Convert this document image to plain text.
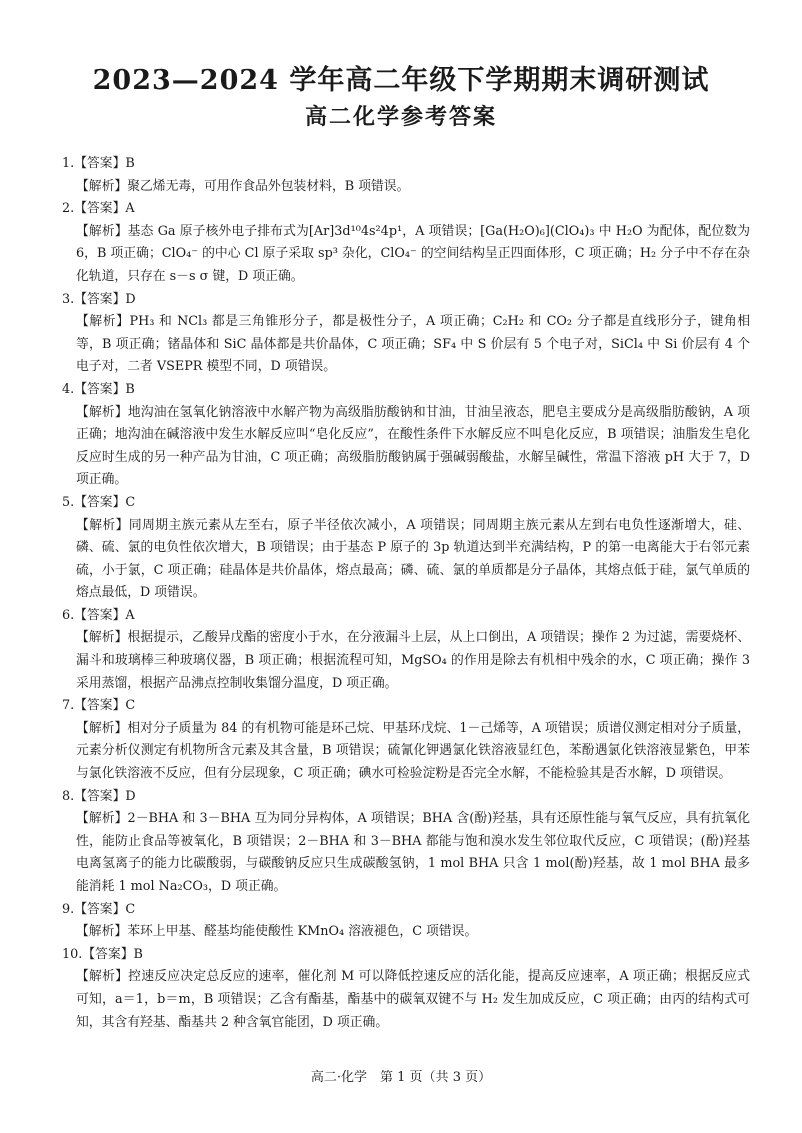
2023—2024 学年高二年级下学期期末调研测试
高二化学参考答案
1.【答案】B
【解析】聚乙烯无毒，可用作食品外包装材料，B 项错误。
2.【答案】A
【解析】基态 Ga 原子核外电子排布式为[Ar]3d¹⁰4s²4p¹，A 项错误；[Ga(H₂O)₆](ClO₄)₃ 中 H₂O 为配体，配位数为 6，B 项正确；ClO₄⁻ 的中心 Cl 原子采取 sp³ 杂化，ClO₄⁻ 的空间结构呈正四面体形，C 项正确；H₂ 分子中不存在杂化轨道，只存在 s－s σ 键，D 项正确。
3.【答案】D
【解析】PH₃ 和 NCl₃ 都是三角锥形分子，都是极性分子，A 项正确；C₂H₂ 和 CO₂ 分子都是直线形分子，键角相等，B 项正确；锗晶体和 SiC 晶体都是共价晶体，C 项正确；SF₄ 中 S 价层有 5 个电子对，SiCl₄ 中 Si 价层有 4 个电子对，二者 VSEPR 模型不同，D 项错误。
4.【答案】B
【解析】地沟油在氢氧化钠溶液中水解产物为高级脂肪酸钠和甘油，甘油呈液态，肥皂主要成分是高级脂肪酸钠，A 项正确；地沟油在碱溶液中发生水解反应叫“皂化反应”，在酸性条件下水解反应不叫皂化反应，B 项错误；油脂发生皂化反应时生成的另一种产品为甘油，C 项正确；高级脂肪酸钠属于强碱弱酸盐，水解呈碱性，常温下溶液 pH 大于 7，D 项正确。
5.【答案】C
【解析】同周期主族元素从左至右，原子半径依次减小，A 项错误；同周期主族元素从左到右电负性逐渐增大，硅、磷、硫、氯的电负性依次增大，B 项错误；由于基态 P 原子的 3p 轨道达到半充满结构，P 的第一电离能大于右邻元素硫，小于氯，C 项正确；硅晶体是共价晶体，熔点最高；磷、硫、氯的单质都是分子晶体，其熔点低于硅，氯气单质的熔点最低，D 项错误。
6.【答案】A
【解析】根据提示，乙酸异戊酯的密度小于水，在分液漏斗上层，从上口倒出，A 项错误；操作 2 为过滤，需要烧杯、漏斗和玻璃棒三种玻璃仪器，B 项正确；根据流程可知，MgSO₄ 的作用是除去有机相中残余的水，C 项正确；操作 3 采用蒸馏，根据产品沸点控制收集馏分温度，D 项正确。
7.【答案】C
【解析】相对分子质量为 84 的有机物可能是环己烷、甲基环戊烷、1－己烯等，A 项错误；质谱仪测定相对分子质量，元素分析仪测定有机物所含元素及其含量，B 项错误；硫氰化钾遇氯化铁溶液显红色，苯酚遇氯化铁溶液显紫色，甲苯与氯化铁溶液不反应，但有分层现象，C 项正确；碘水可检验淀粉是否完全水解，不能检验其是否水解，D 项错误。
8.【答案】D
【解析】2－BHA 和 3－BHA 互为同分异构体，A 项错误；BHA 含(酚)羟基，具有还原性能与氧气反应，具有抗氧化性，能防止食品等被氧化，B 项错误；2－BHA 和 3－BHA 都能与饱和溴水发生邻位取代反应，C 项错误；(酚)羟基电离氢离子的能力比碳酸弱，与碳酸钠反应只生成碳酸氢钠，1 mol BHA 只含 1 mol(酚)羟基，故 1 mol BHA 最多能消耗 1 mol Na₂CO₃，D 项正确。
9.【答案】C
【解析】苯环上甲基、醛基均能使酸性 KMnO₄ 溶液褪色，C 项错误。
10.【答案】B
【解析】控速反应决定总反应的速率，催化剂 M 可以降低控速反应的活化能，提高反应速率，A 项正确；根据反应式可知，a＝1，b＝m，B 项错误；乙含有酯基，酯基中的碳氧双键不与 H₂ 发生加成反应，C 项正确；由丙的结构式可知，其含有羟基、酯基共 2 种含氧官能团，D 项正确。
高二·化学　第 1 页（共 3 页）
